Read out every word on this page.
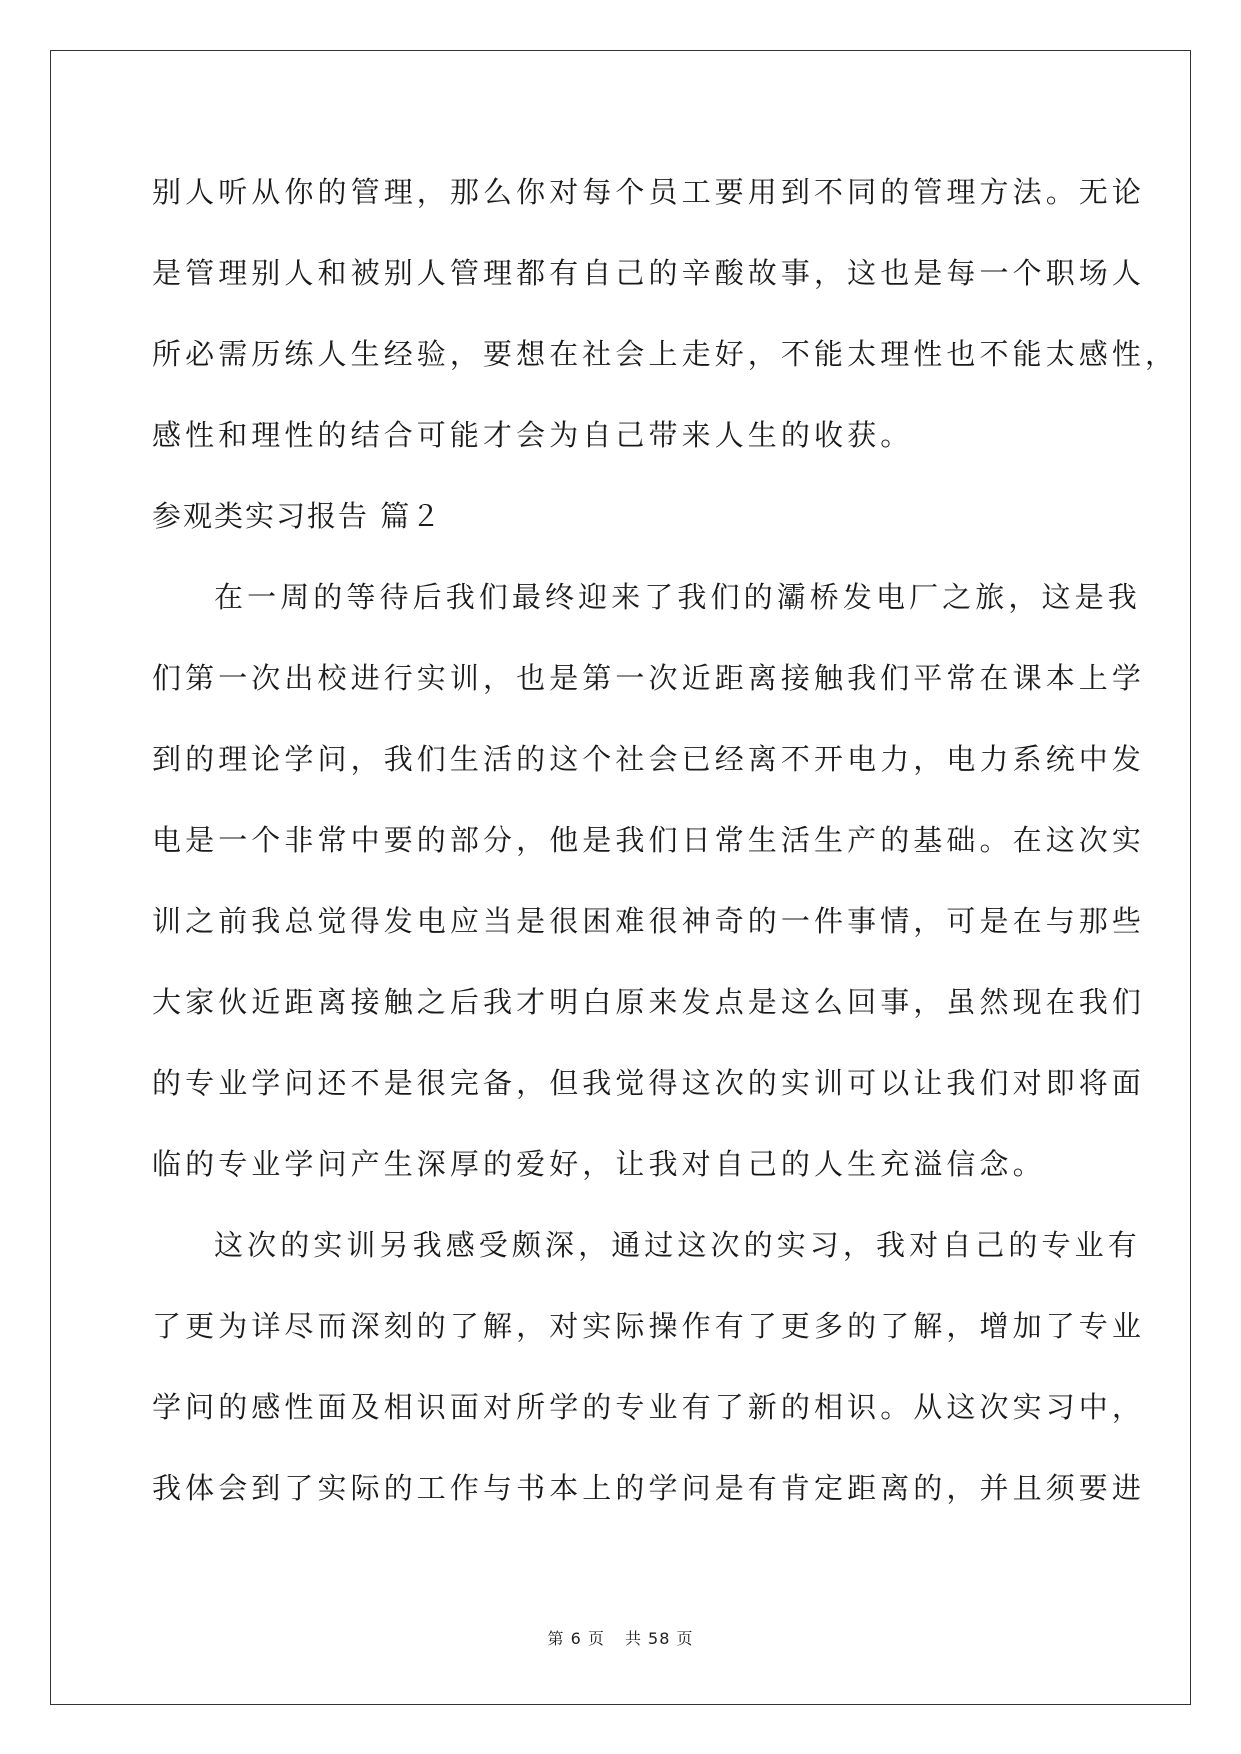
别人听从你的管理，那么你对每个员工要用到不同的管理方法。无论
是管理别人和被别人管理都有自己的辛酸故事，这也是每一个职场人
所必需历练人生经验，要想在社会上走好，不能太理性也不能太感性，
感性和理性的结合可能才会为自己带来人生的收获。
参观类实习报告 篇２
在一周的等待后我们最终迎来了我们的灞桥发电厂之旅，这是我
们第一次出校进行实训，也是第一次近距离接触我们平常在课本上学
到的理论学问，我们生活的这个社会已经离不开电力，电力系统中发
电是一个非常中要的部分，他是我们日常生活生产的基础。在这次实
训之前我总觉得发电应当是很困难很神奇的一件事情，可是在与那些
大家伙近距离接触之后我才明白原来发点是这么回事，虽然现在我们
的专业学问还不是很完备，但我觉得这次的实训可以让我们对即将面
临的专业学问产生深厚的爱好，让我对自己的人生充溢信念。
这次的实训另我感受颇深，通过这次的实习，我对自己的专业有
了更为详尽而深刻的了解，对实际操作有了更多的了解，增加了专业
学问的感性面及相识面对所学的专业有了新的相识。从这次实习中，
我体会到了实际的工作与书本上的学问是有肯定距离的，并且须要进
第 6 页 共 58 页
